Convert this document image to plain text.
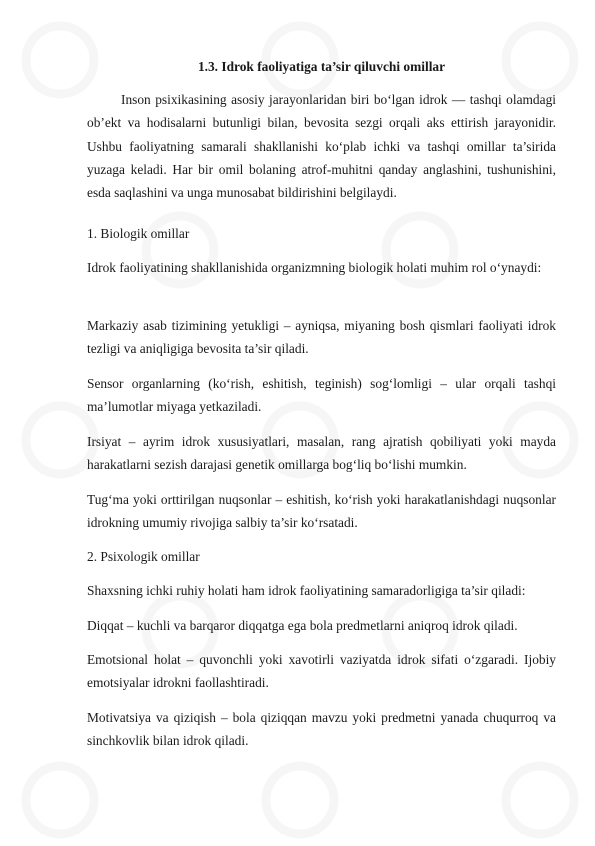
1.3. Idrok faoliyatiga ta’sir qiluvchi omillar

Inson psixikasining asosiy jarayonlaridan biri bo‘lgan idrok — tashqi olamdagi ob’ekt va hodisalarni butunligi bilan, bevosita sezgi orqali aks ettirish jarayonidir. Ushbu faoliyatning samarali shakllanishi ko‘plab ichki va tashqi omillar ta’sirida yuzaga keladi. Har bir omil bolaning atrof-muhitni qanday anglashini, tushunishini, esda saqlashini va unga munosabat bildirishini belgilaydi.

1. Biologik omillar

Idrok faoliyatining shakllanishida organizmning biologik holati muhim rol o‘ynaydi:

Markaziy asab tizimining yetukligi – ayniqsa, miyaning bosh qismlari faoliyati idrok tezligi va aniqligiga bevosita ta’sir qiladi.

Sensor organlarning (ko‘rish, eshitish, teginish) sog‘lomligi – ular orqali tashqi ma’lumotlar miyaga yetkaziladi.

Irsiyat – ayrim idrok xususiyatlari, masalan, rang ajratish qobiliyati yoki mayda harakatlarni sezish darajasi genetik omillarga bog‘liq bo‘lishi mumkin.

Tug‘ma yoki orttirilgan nuqsonlar – eshitish, ko‘rish yoki harakatlanishdagi nuqsonlar idrokning umumiy rivojiga salbiy ta’sir ko‘rsatadi.

2. Psixologik omillar

Shaxsning ichki ruhiy holati ham idrok faoliyatining samaradorligiga ta’sir qiladi:

Diqqat – kuchli va barqaror diqqatga ega bola predmetlarni aniqroq idrok qiladi.

Emotsional holat – quvonchli yoki xavotirli vaziyatda idrok sifati o‘zgaradi. Ijobiy emotsiyalar idrokni faollashtiradi.

Motivatsiya va qiziqish – bola qiziqqan mavzu yoki predmetni yanada chuqurroq va sinchkovlik bilan idrok qiladi.
